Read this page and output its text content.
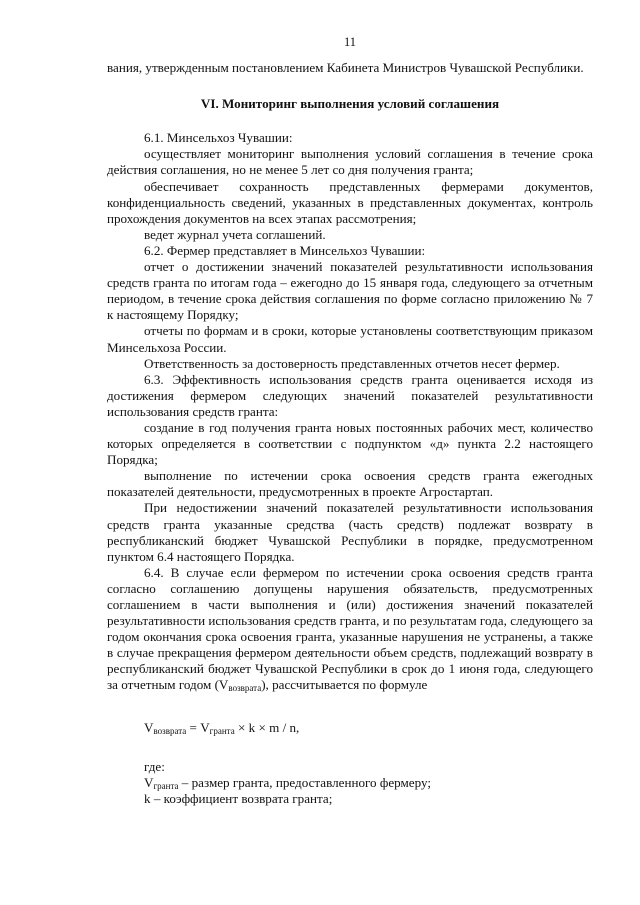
11

вания, утвержденным постановлением Кабинета Министров Чувашской Республики.

VI. Мониторинг выполнения условий соглашения

6.1. Минсельхоз Чувашии:

осуществляет мониторинг выполнения условий соглашения в течение срока действия соглашения, но не менее 5 лет со дня получения гранта;

обеспечивает сохранность представленных фермерами документов, конфиденциальность сведений, указанных в представленных документах, контроль прохождения документов на всех этапах рассмотрения;

ведет журнал учета соглашений.

6.2. Фермер представляет в Минсельхоз Чувашии:

отчет о достижении значений показателей результативности использования средств гранта по итогам года – ежегодно до 15 января года, следующего за отчетным периодом, в течение срока действия соглашения по форме согласно приложению № 7 к настоящему Порядку;

отчеты по формам и в сроки, которые установлены соответствующим приказом Минсельхоза России.

Ответственность за достоверность представленных отчетов несет фермер.

6.3. Эффективность использования средств гранта оценивается исходя из достижения фермером следующих значений показателей результативности использования средств гранта:

создание в год получения гранта новых постоянных рабочих мест, количество которых определяется в соответствии с подпунктом «д» пункта 2.2 настоящего Порядка;

выполнение по истечении срока освоения средств гранта ежегодных показателей деятельности, предусмотренных в проекте Агростартап.

При недостижении значений показателей результативности использования средств гранта указанные средства (часть средств) подлежат возврату в республиканский бюджет Чувашской Республики в порядке, предусмотренном пунктом 6.4 настоящего Порядка.

6.4. В случае если фермером по истечении срока освоения средств гранта согласно соглашению допущены нарушения обязательств, предусмотренных соглашением в части выполнения и (или) достижения значений показателей результативности использования средств гранта, и по результатам года, следующего за годом окончания срока освоения гранта, указанные нарушения не устранены, а также в случае прекращения фермером деятельности объем средств, подлежащий возврату в республиканский бюджет Чувашской Республики в срок до 1 июня года, следующего за отчетным годом $(V_{возврата})$, рассчитывается по формуле

$V_{возврата} = V_{гранта} \times k \times m / n$,

где:

$V_{гранта}$ – размер гранта, предоставленного фермеру;

k – коэффициент возврата гранта;
